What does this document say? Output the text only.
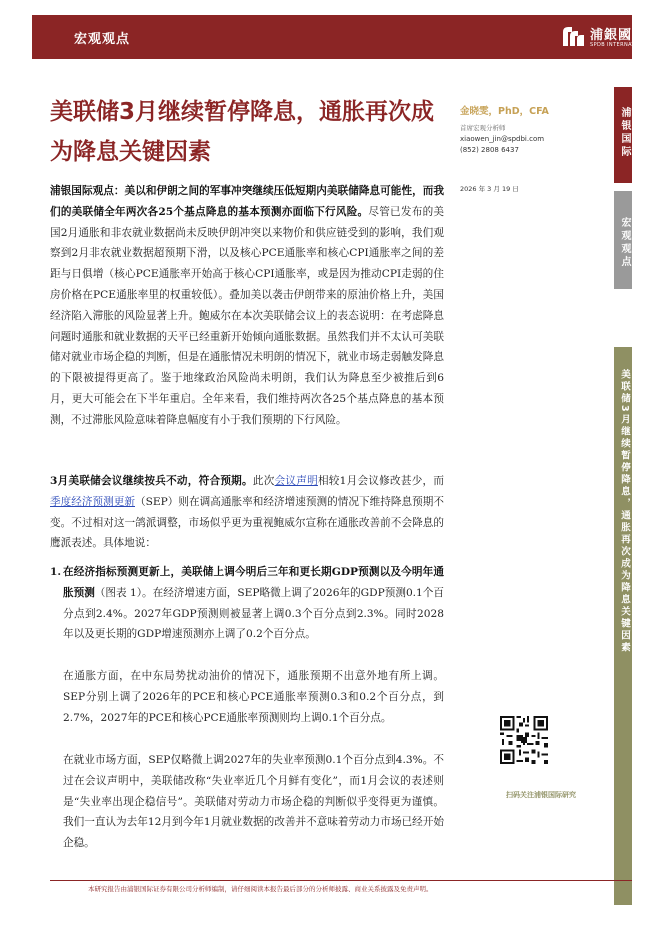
宏观观点	浦銀國際
SPDB INTERNATIONAL
美联储3月继续暂停降息，通胀再次成为降息关键因素
金晓雯，PhD，CFA
首席宏观分析师
xiaowen_jin@spdbi.com
(852) 2808 6437
2026 年 3 月 19 日
浦银国际
宏观观点
美联储3月继续暂停降息，通胀再次成为降息关键因素
浦银国际观点：美以和伊朗之间的军事冲突继续压低短期内美联储降息可能性，而我们的美联储全年两次各25个基点降息的基本预测亦面临下行风险。尽管已发布的美国2月通胀和非农就业数据尚未反映伊朗冲突以来物价和供应链受到的影响，我们观察到2月非农就业数据超预期下滑，以及核心PCE通胀率和核心CPI通胀率之间的差距与日俱增（核心PCE通胀率开始高于核心CPI通胀率，或是因为推动CPI走弱的住房价格在PCE通胀率里的权重较低）。叠加美以袭击伊朗带来的原油价格上升，美国经济陷入滞胀的风险显著上升。鲍威尔在本次美联储会议上的表态说明：在考虑降息问题时通胀和就业数据的天平已经重新开始倾向通胀数据。虽然我们并不太认可美联储对就业市场企稳的判断，但是在通胀情况未明朗的情况下，就业市场走弱触发降息的下限被提得更高了。鉴于地缘政治风险尚未明朗，我们认为降息至少被推后到6月，更大可能会在下半年重启。全年来看，我们维持两次各25个基点降息的基本预测，不过滞胀风险意味着降息幅度有小于我们预期的下行风险。
3月美联储会议继续按兵不动，符合预期。此次会议声明相较1月会议修改甚少，而季度经济预测更新（SEP）则在调高通胀率和经济增速预测的情况下维持降息预期不变。不过相对这一鸽派调整，市场似乎更为重视鲍威尔宣称在通胀改善前不会降息的鹰派表述。具体地说：
1. 在经济指标预测更新上，美联储上调今明后三年和更长期GDP预测以及今明年通胀预测（图表 1）。在经济增速方面，SEP略微上调了2026年的GDP预测0.1个百分点到2.4%。2027年GDP预测则被显著上调0.3个百分点到2.3%。同时2028年以及更长期的GDP增速预测亦上调了0.2个百分点。
在通胀方面，在中东局势扰动油价的情况下，通胀预期不出意外地有所上调。SEP分别上调了2026年的PCE和核心PCE通胀率预测0.3和0.2个百分点，到2.7%，2027年的PCE和核心PCE通胀率预测则均上调0.1个百分点。
在就业市场方面，SEP仅略微上调2027年的失业率预测0.1个百分点到4.3%。不过在会议声明中，美联储改称“失业率近几个月鲜有变化”，而1月会议的表述则是“失业率出现企稳信号”。美联储对劳动力市场企稳的判断似乎变得更为谨慎。我们一直认为去年12月到今年1月就业数据的改善并不意味着劳动力市场已经开始企稳。
扫码关注浦银国际研究
本研究报告由浦银国际证券有限公司分析师编制，请仔细阅读本报告最后部分的分析师披露、商业关系披露及免责声明。
